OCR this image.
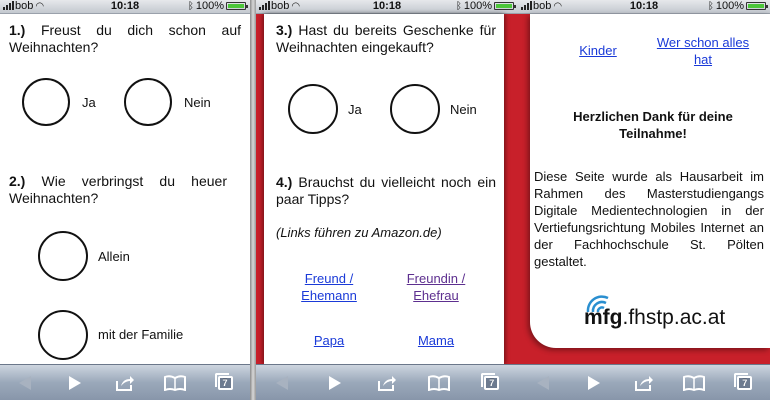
bob ◠	10:18	ᛒ 100%
1.) Freust du dich schon auf Weihnachten?
Ja	Nein
2.) Wie verbringst du heuer Weihnachten?
Allein
mit der Familie
7
bob ◠	10:18	ᛒ 100%
3.) Hast du bereits Geschenke für Weihnachten eingekauft?
Ja	Nein
4.) Brauchst du vielleicht noch ein paar Tipps?
(Links führen zu Amazon.de)
Freund / Ehemann
Freundin / Ehefrau
Papa	Mama
7
bob ◠	10:18	ᛒ 100%
Kinder
Wer schon alles hat
Herzlichen Dank für deine Teilnahme!
Diese Seite wurde als Hausarbeit im Rahmen des Masterstudiengangs Digitale Medientechnologien in der Vertiefungsrichtung Mobiles Internet an der Fachhochschule St. Pölten gestaltet.
mfg.fhstp.ac.at
7
